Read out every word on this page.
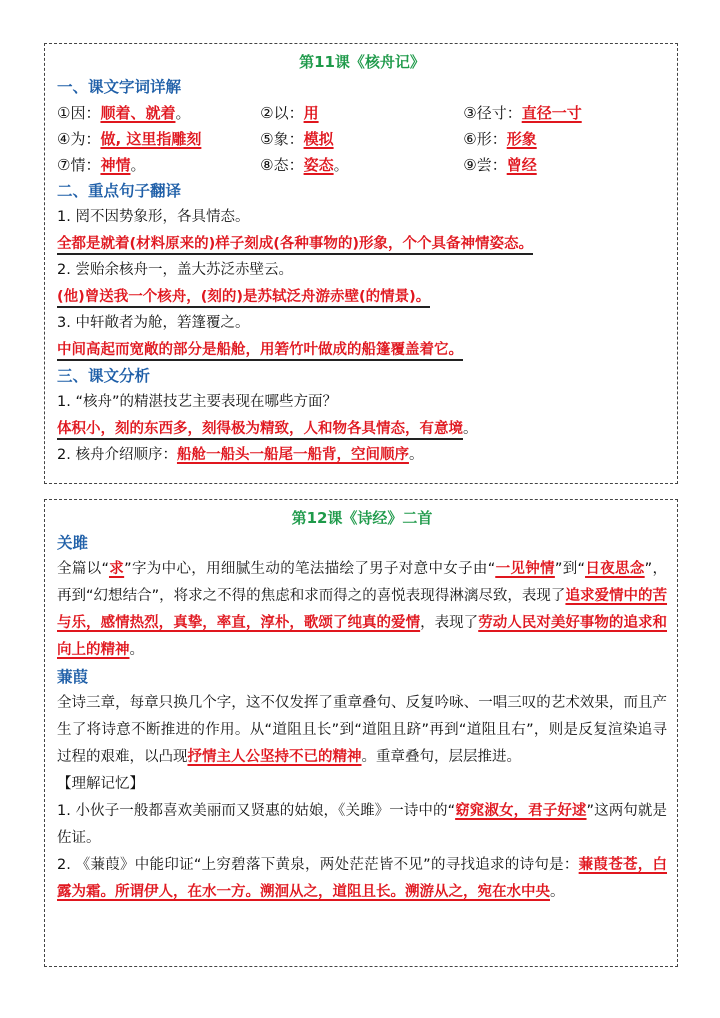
第11课《核舟记》
一、课文字词详解
①因：顺着、就着。	②以：用	③径寸：直径一寸
④为：做, 这里指雕刻	⑤象：模拟	⑥形：形象
⑦情：神情。	⑧态：姿态。	⑨尝：曾经
二、重点句子翻译
1. 罔不因势象形，各具情态。
全都是就着(材料原来的)样子刻成(各种事物的)形象，个个具备神情姿态。
2. 尝贻余核舟一，盖大苏泛赤壁云。
(他)曾送我一个核舟，(刻的)是苏轼泛舟游赤壁(的情景)。
3. 中轩敞者为舱，箬篷覆之。
中间高起而宽敞的部分是船舱，用箬竹叶做成的船篷覆盖着它。
三、课文分析
1. “核舟”的精湛技艺主要表现在哪些方面？
体积小，刻的东西多，刻得极为精致，人和物各具情态，有意境。
2. 核舟介绍顺序：船舱一船头一船尾一船背，空间顺序。
第12课《诗经》二首
关雎
全篇以“求”字为中心，用细腻生动的笔法描绘了男子对意中女子由“一见钟情”到“日夜思念”，再到“幻想结合”，将求之不得的焦虑和求而得之的喜悦表现得淋漓尽致，表现了追求爱情中的苦与乐，感情热烈，真挚，率直，淳朴，歌颂了纯真的爱情，表现了劳动人民对美好事物的追求和向上的精神。
蒹葭
全诗三章，每章只换几个字，这不仅发挥了重章叠句、反复吟咏、一唱三叹的艺术效果，而且产生了将诗意不断推进的作用。从“道阻且长”到“道阻且跻”再到“道阻且右”，则是反复渲染追寻过程的艰难，以凸现抒情主人公坚持不已的精神。重章叠句，层层推进。
【理解记忆】
1. 小伙子一般都喜欢美丽而又贤惠的姑娘，《关雎》一诗中的“窈窕淑女，君子好逑”这两句就是佐证。
2. 《蒹葭》中能印证“上穷碧落下黄泉，两处茫茫皆不见”的寻找追求的诗句是：蒹葭苍苍，白露为霜。所谓伊人，在水一方。溯洄从之，道阻且长。溯游从之，宛在水中央。
